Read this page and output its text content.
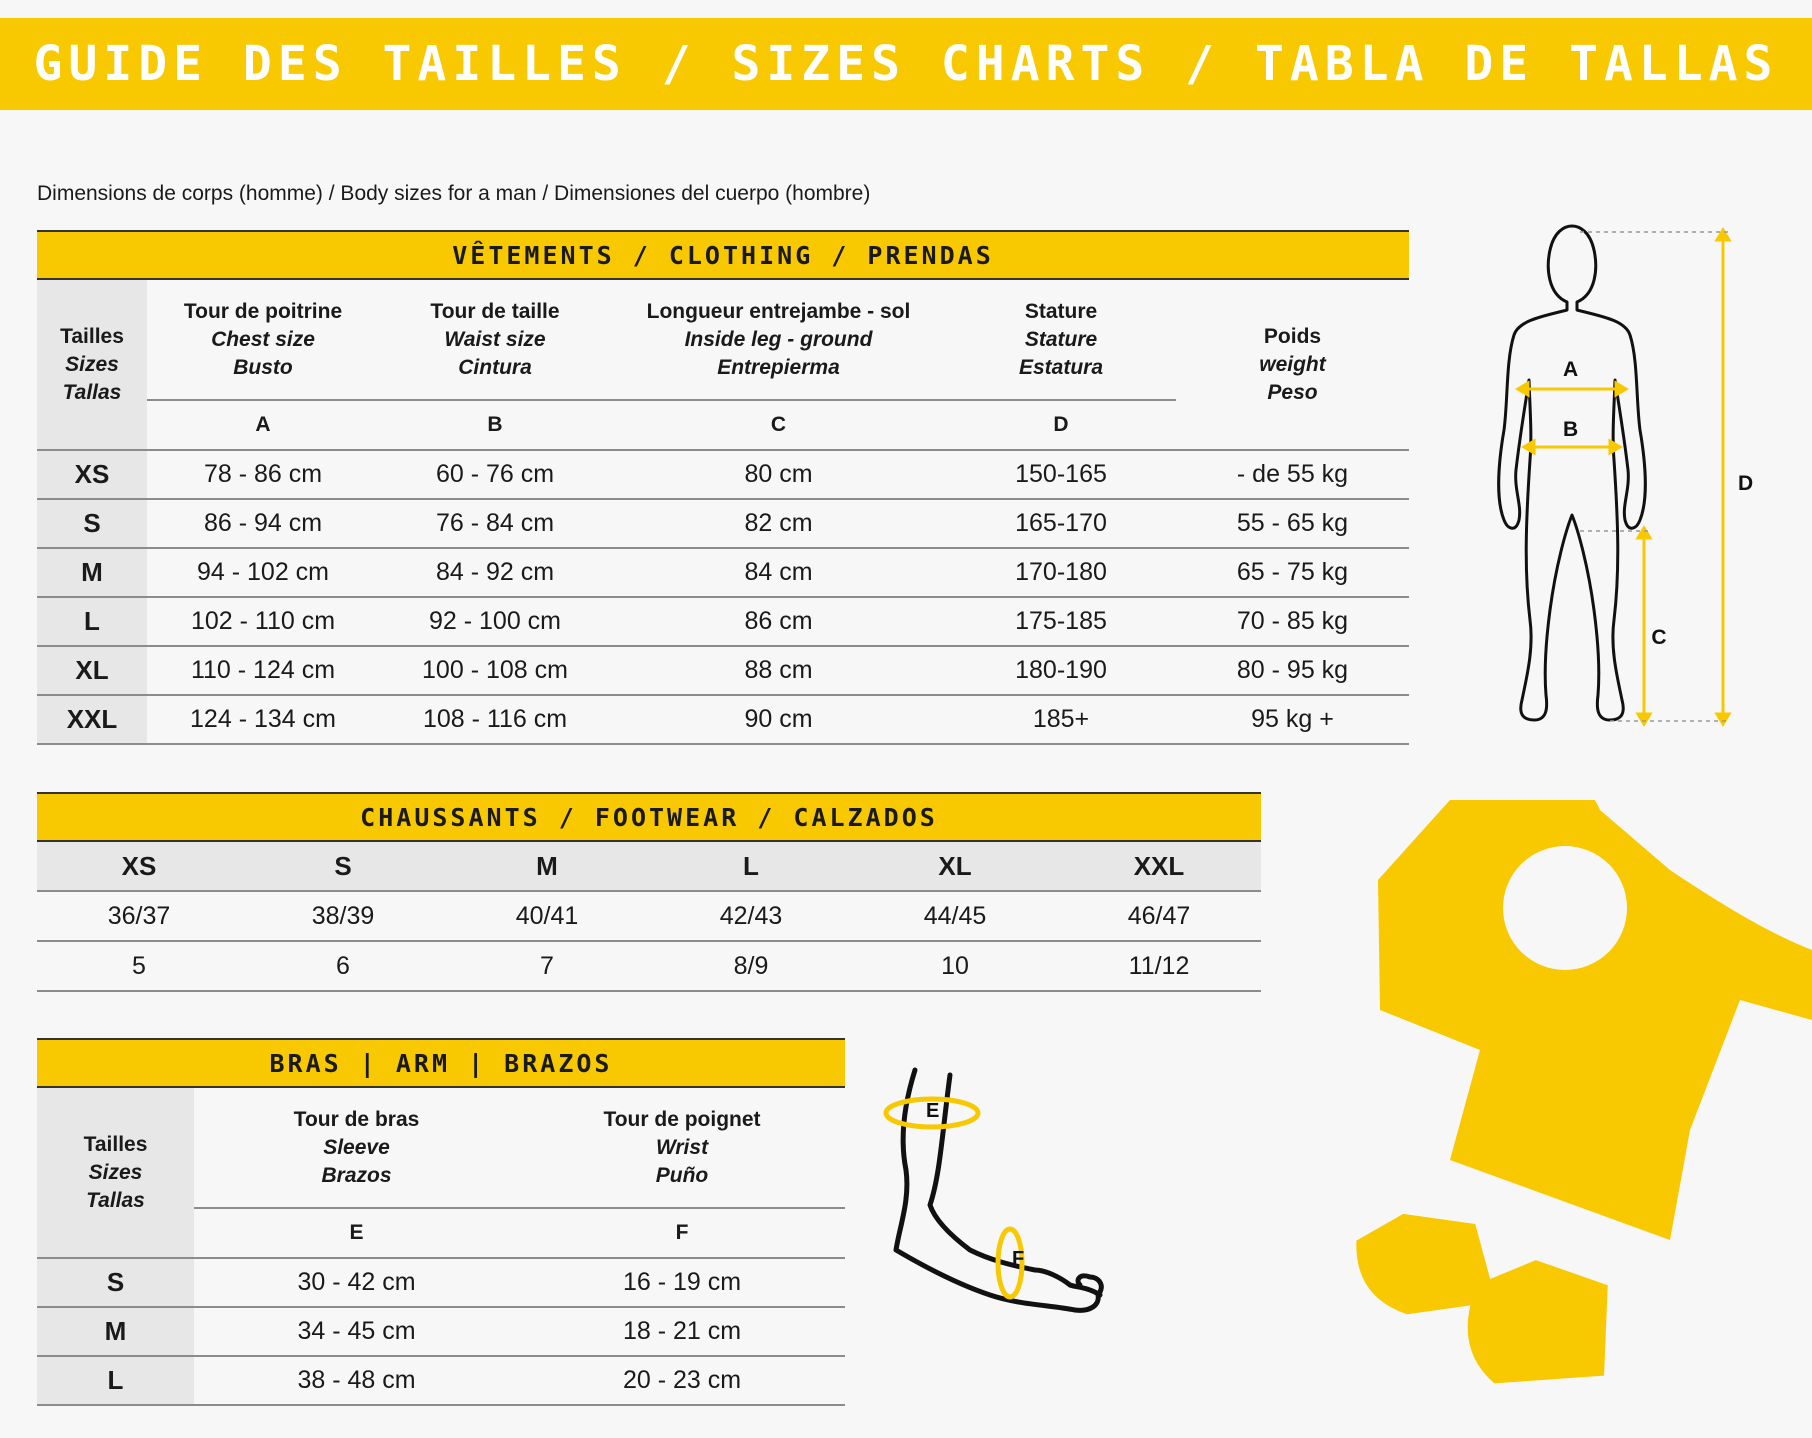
GUIDE DES TAILLES / SIZES CHARTS / TABLA DE TALLAS
Dimensions de corps (homme) / Body sizes for a man / Dimensiones del cuerpo (hombre)
VÊTEMENTS / CLOTHING / PRENDAS
Tailles

Sizes
Tallas	Tour de poitrine
Chest size
Busto	Tour de taille
Waist size
Cintura	Longueur entrejambe - sol
Inside leg - ground
Entrepierma	Stature
Stature
Estatura	Poids
weight
Peso

	A	B	C	D	
XS	78 - 86 cm	60 - 76 cm	80 cm	150-165	- de 55 kg
S	86 - 94 cm	76 - 84 cm	82 cm	165-170	55 - 65 kg
M	94 - 102 cm	84 - 92 cm	84 cm	170-180	65 - 75 kg
L	102 - 110 cm	92 - 100 cm	86 cm	175-185	70 - 85 kg
XL	110 - 124 cm	100 - 108 cm	88 cm	180-190	80 - 95 kg
XXL	124 - 134 cm	108 - 116 cm	90 cm	185+	95 kg +
CHAUSSANTS / FOOTWEAR / CALZADOS
XS	S	M	L	XL	XXL
36/37	38/39	40/41	42/43	44/45	46/47
5	6	7	8/9	10	11/12
BRAS | ARM | BRAZOS
Tailles

Sizes
Tallas	Tour de bras
Sleeve
Brazos	Tour de poignet
Wrist
Puño

	E	F
S	30 - 42 cm	16 - 19 cm
M	34 - 45 cm	18 - 21 cm
L	38 - 48 cm	20 - 23 cm
A
B
C
D
E
F
